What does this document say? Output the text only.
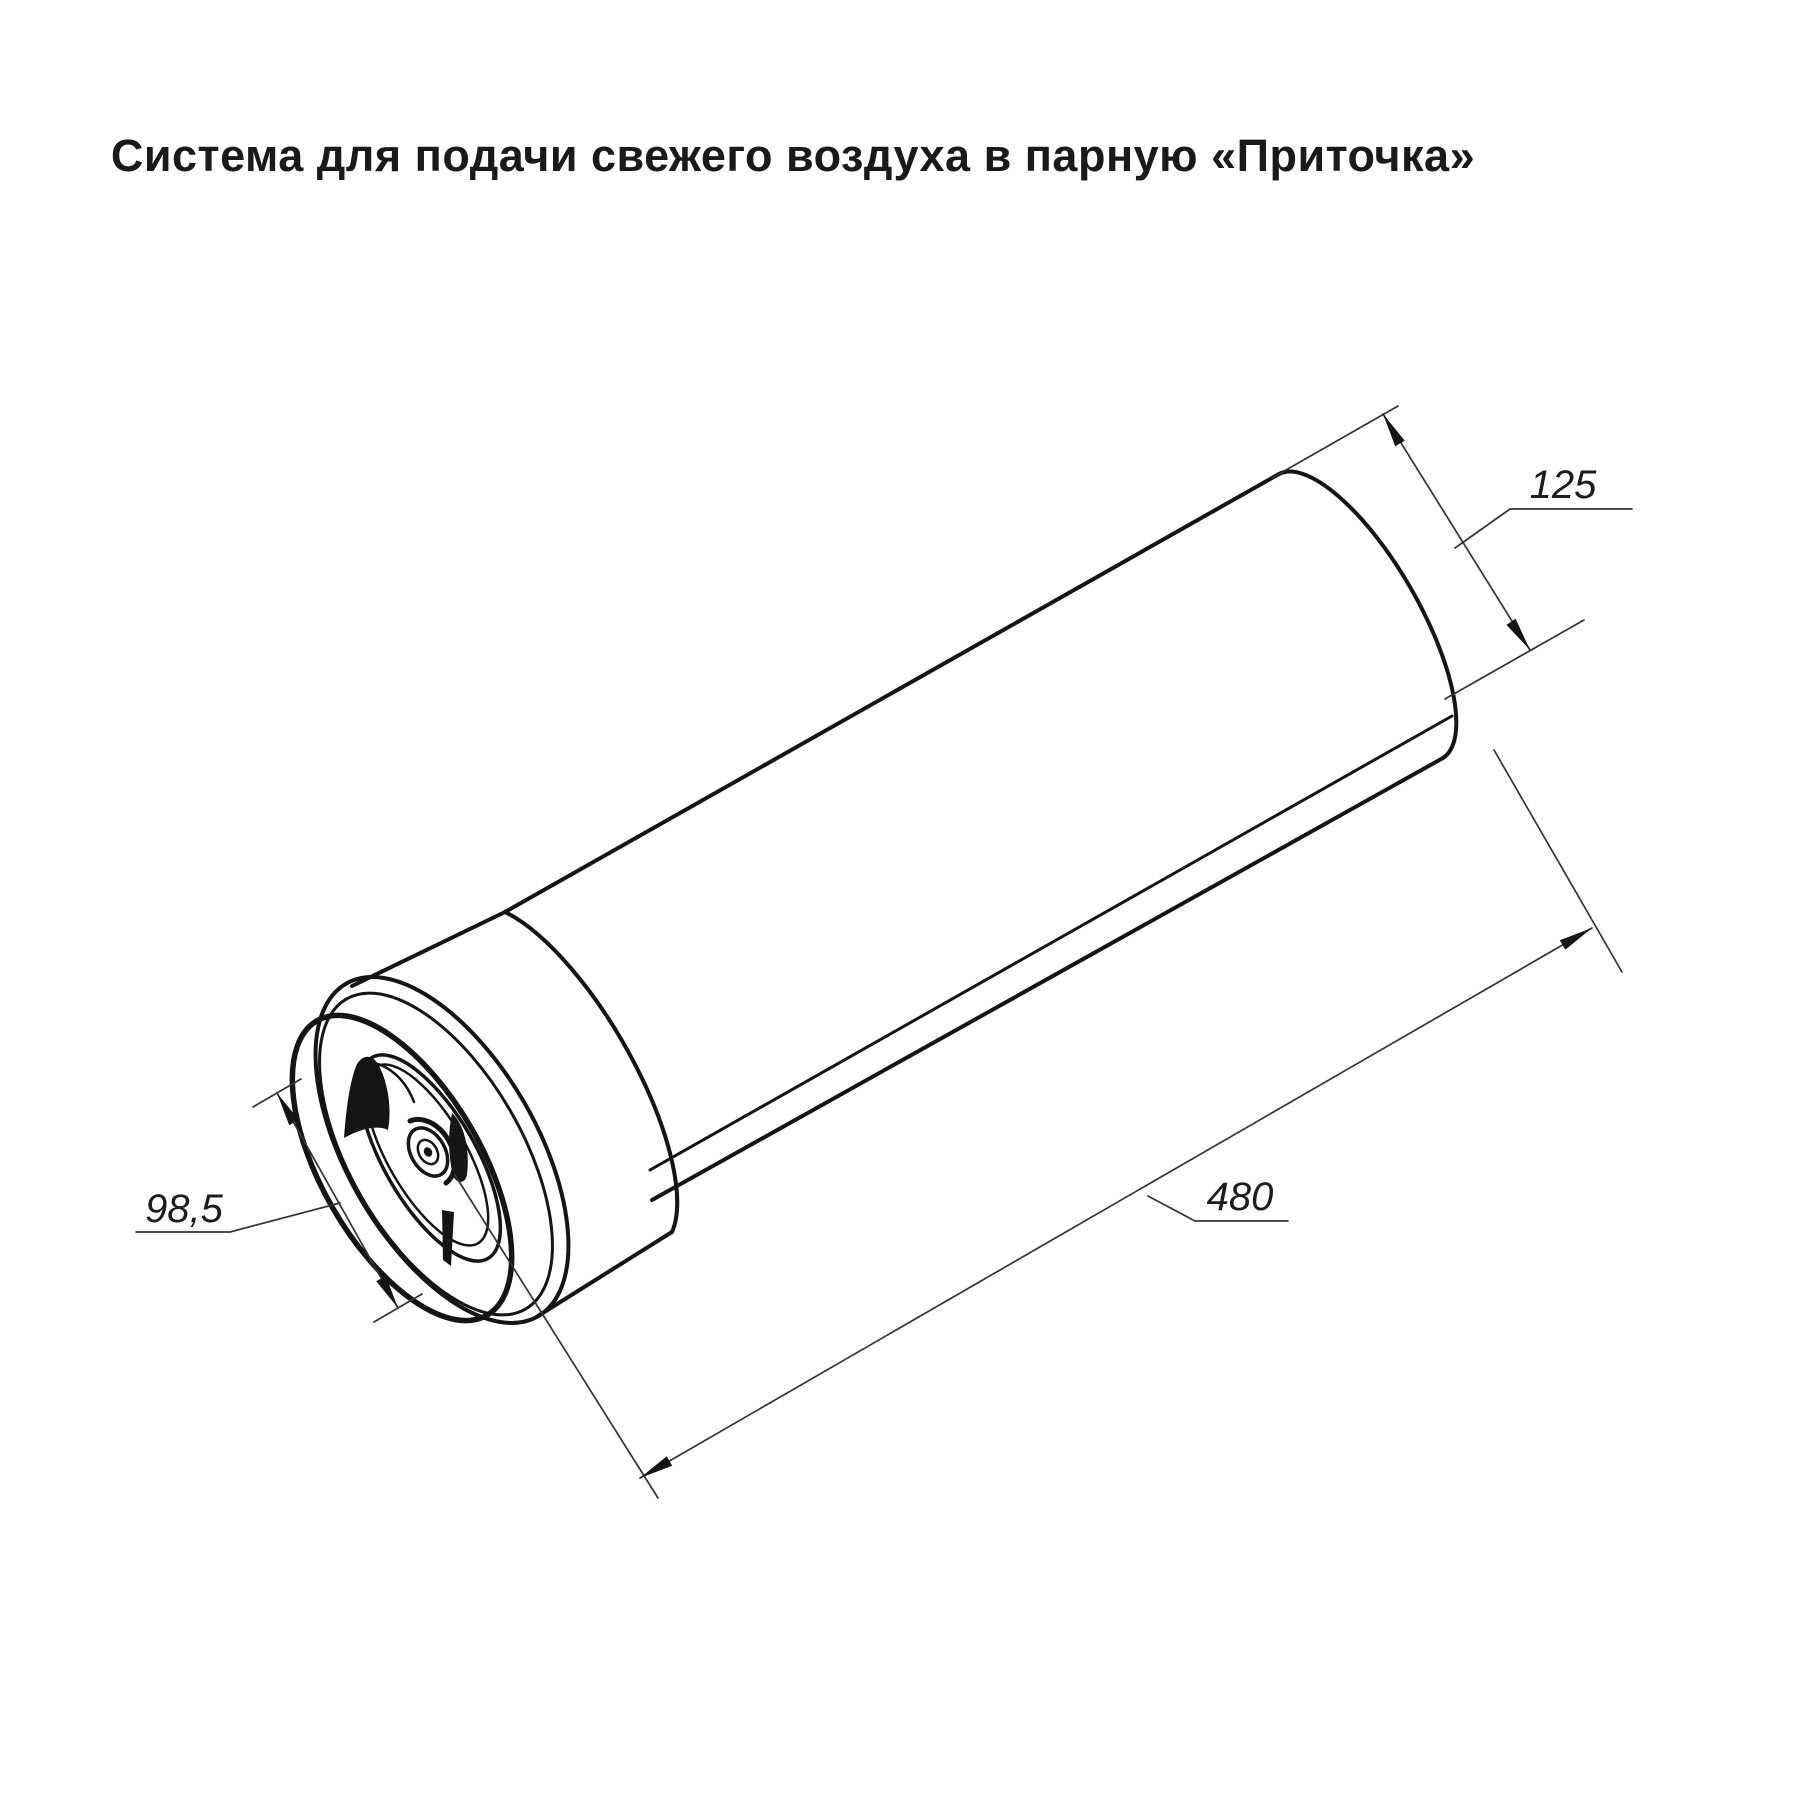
Система для подачи свежего воздуха в парную «Приточка»
125
480
98,5
